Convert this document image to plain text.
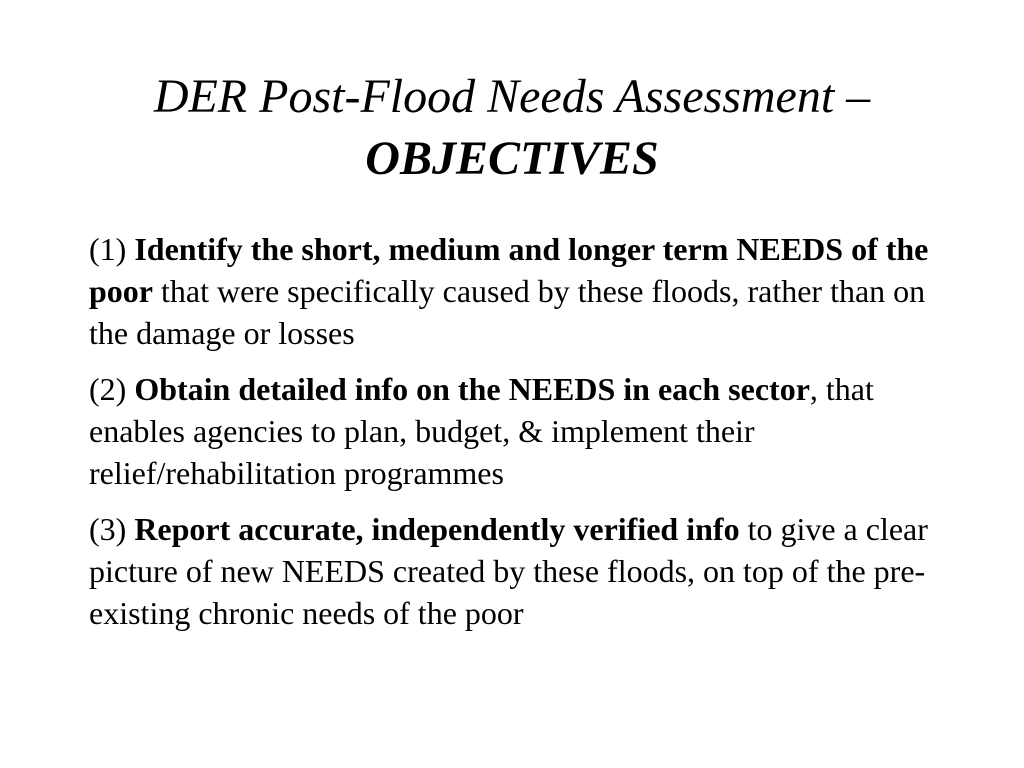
DER Post-Flood Needs Assessment –
OBJECTIVES
(1) Identify the short, medium and longer term NEEDS of the poor that were specifically caused by these floods, rather than on the damage or losses
(2) Obtain detailed info on the NEEDS in each sector, that enables agencies to plan, budget, & implement their relief/rehabilitation programmes
(3) Report accurate, independently verified info to give a clear picture of new NEEDS created by these floods, on top of the pre-existing chronic needs of the poor
